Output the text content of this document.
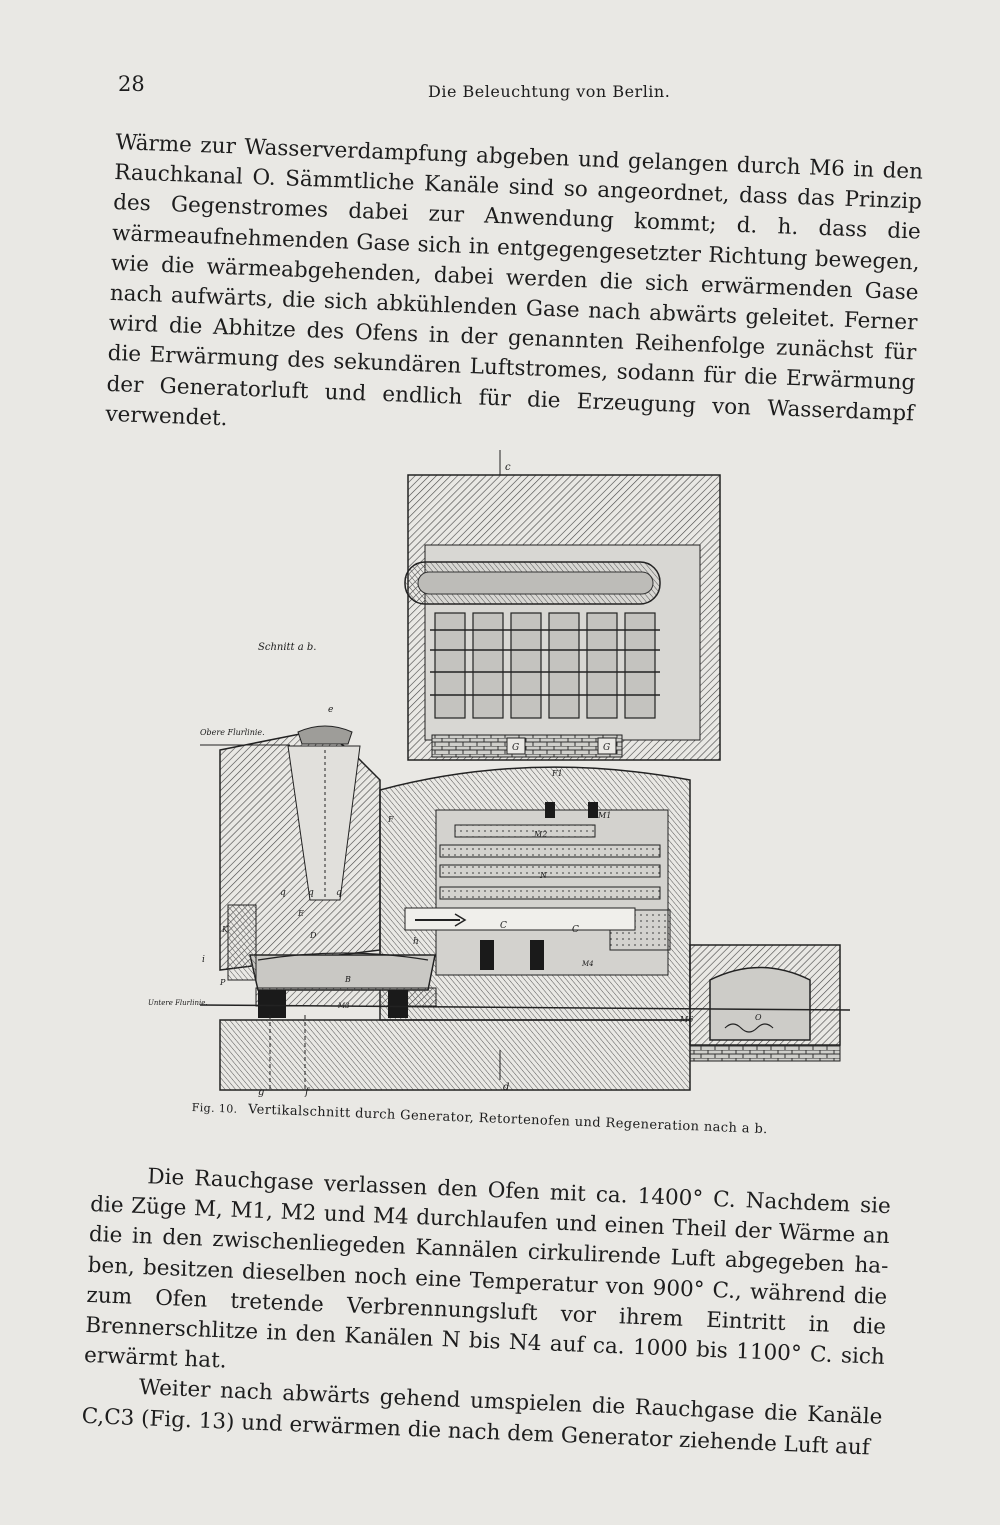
28	Die Beleuchtung von Berlin.

Wärme zur Wasserverdampfung abgeben und gelangen durch M6 in den Rauchkanal O. Sämmtliche Kanäle sind so angeordnet, dass das Prinzip des Gegenstromes dabei zur Anwendung kommt; d. h. dass die wärmeaufnehmenden Gase sich in entgegengesetzter Richtung bewegen, wie die wärmeabgehenden, dabei werden die sich erwärmenden Gase nach aufwärts, die sich abkühlenden Gase nach abwärts geleitet. Ferner wird die Abhitze des Ofens in der genannten Reihenfolge zunächst für die Erwärmung des sekundären Luftstromes, sodann für die Erwärmung der Generatorluft und endlich für die Erzeugung von Wasserdampf verwendet.

c
Schnitt a b.
e
Obere Flurlinie.
G	G
F1
F	M1
M2
N
q q q
E
K
D
h
C	C
i
P
M4
M3
B
M6	O
Untere Flurlinie.
g	f	d
Fig. 10. Vertikalschnitt durch Generator, Retortenofen und Regeneration nach a b.

Die Rauchgase verlassen den Ofen mit ca. 1400° C. Nachdem sie die Züge M, M1, M2 und M4 durchlaufen und einen Theil der Wärme an die in den zwischenliegeden Kannälen cirkulirende Luft abgegeben ha- ben, besitzen dieselben noch eine Temperatur von 900° C., während die zum Ofen tretende Verbrennungsluft vor ihrem Eintritt in die Brennerschlitze in den Kanälen N bis N4 auf ca. 1000 bis 1100° C. sich erwärmt hat.

Weiter nach abwärts gehend umspielen die Rauchgase die Kanäle C,C3 (Fig. 13) und erwärmen die nach dem Generator ziehende Luft auf
